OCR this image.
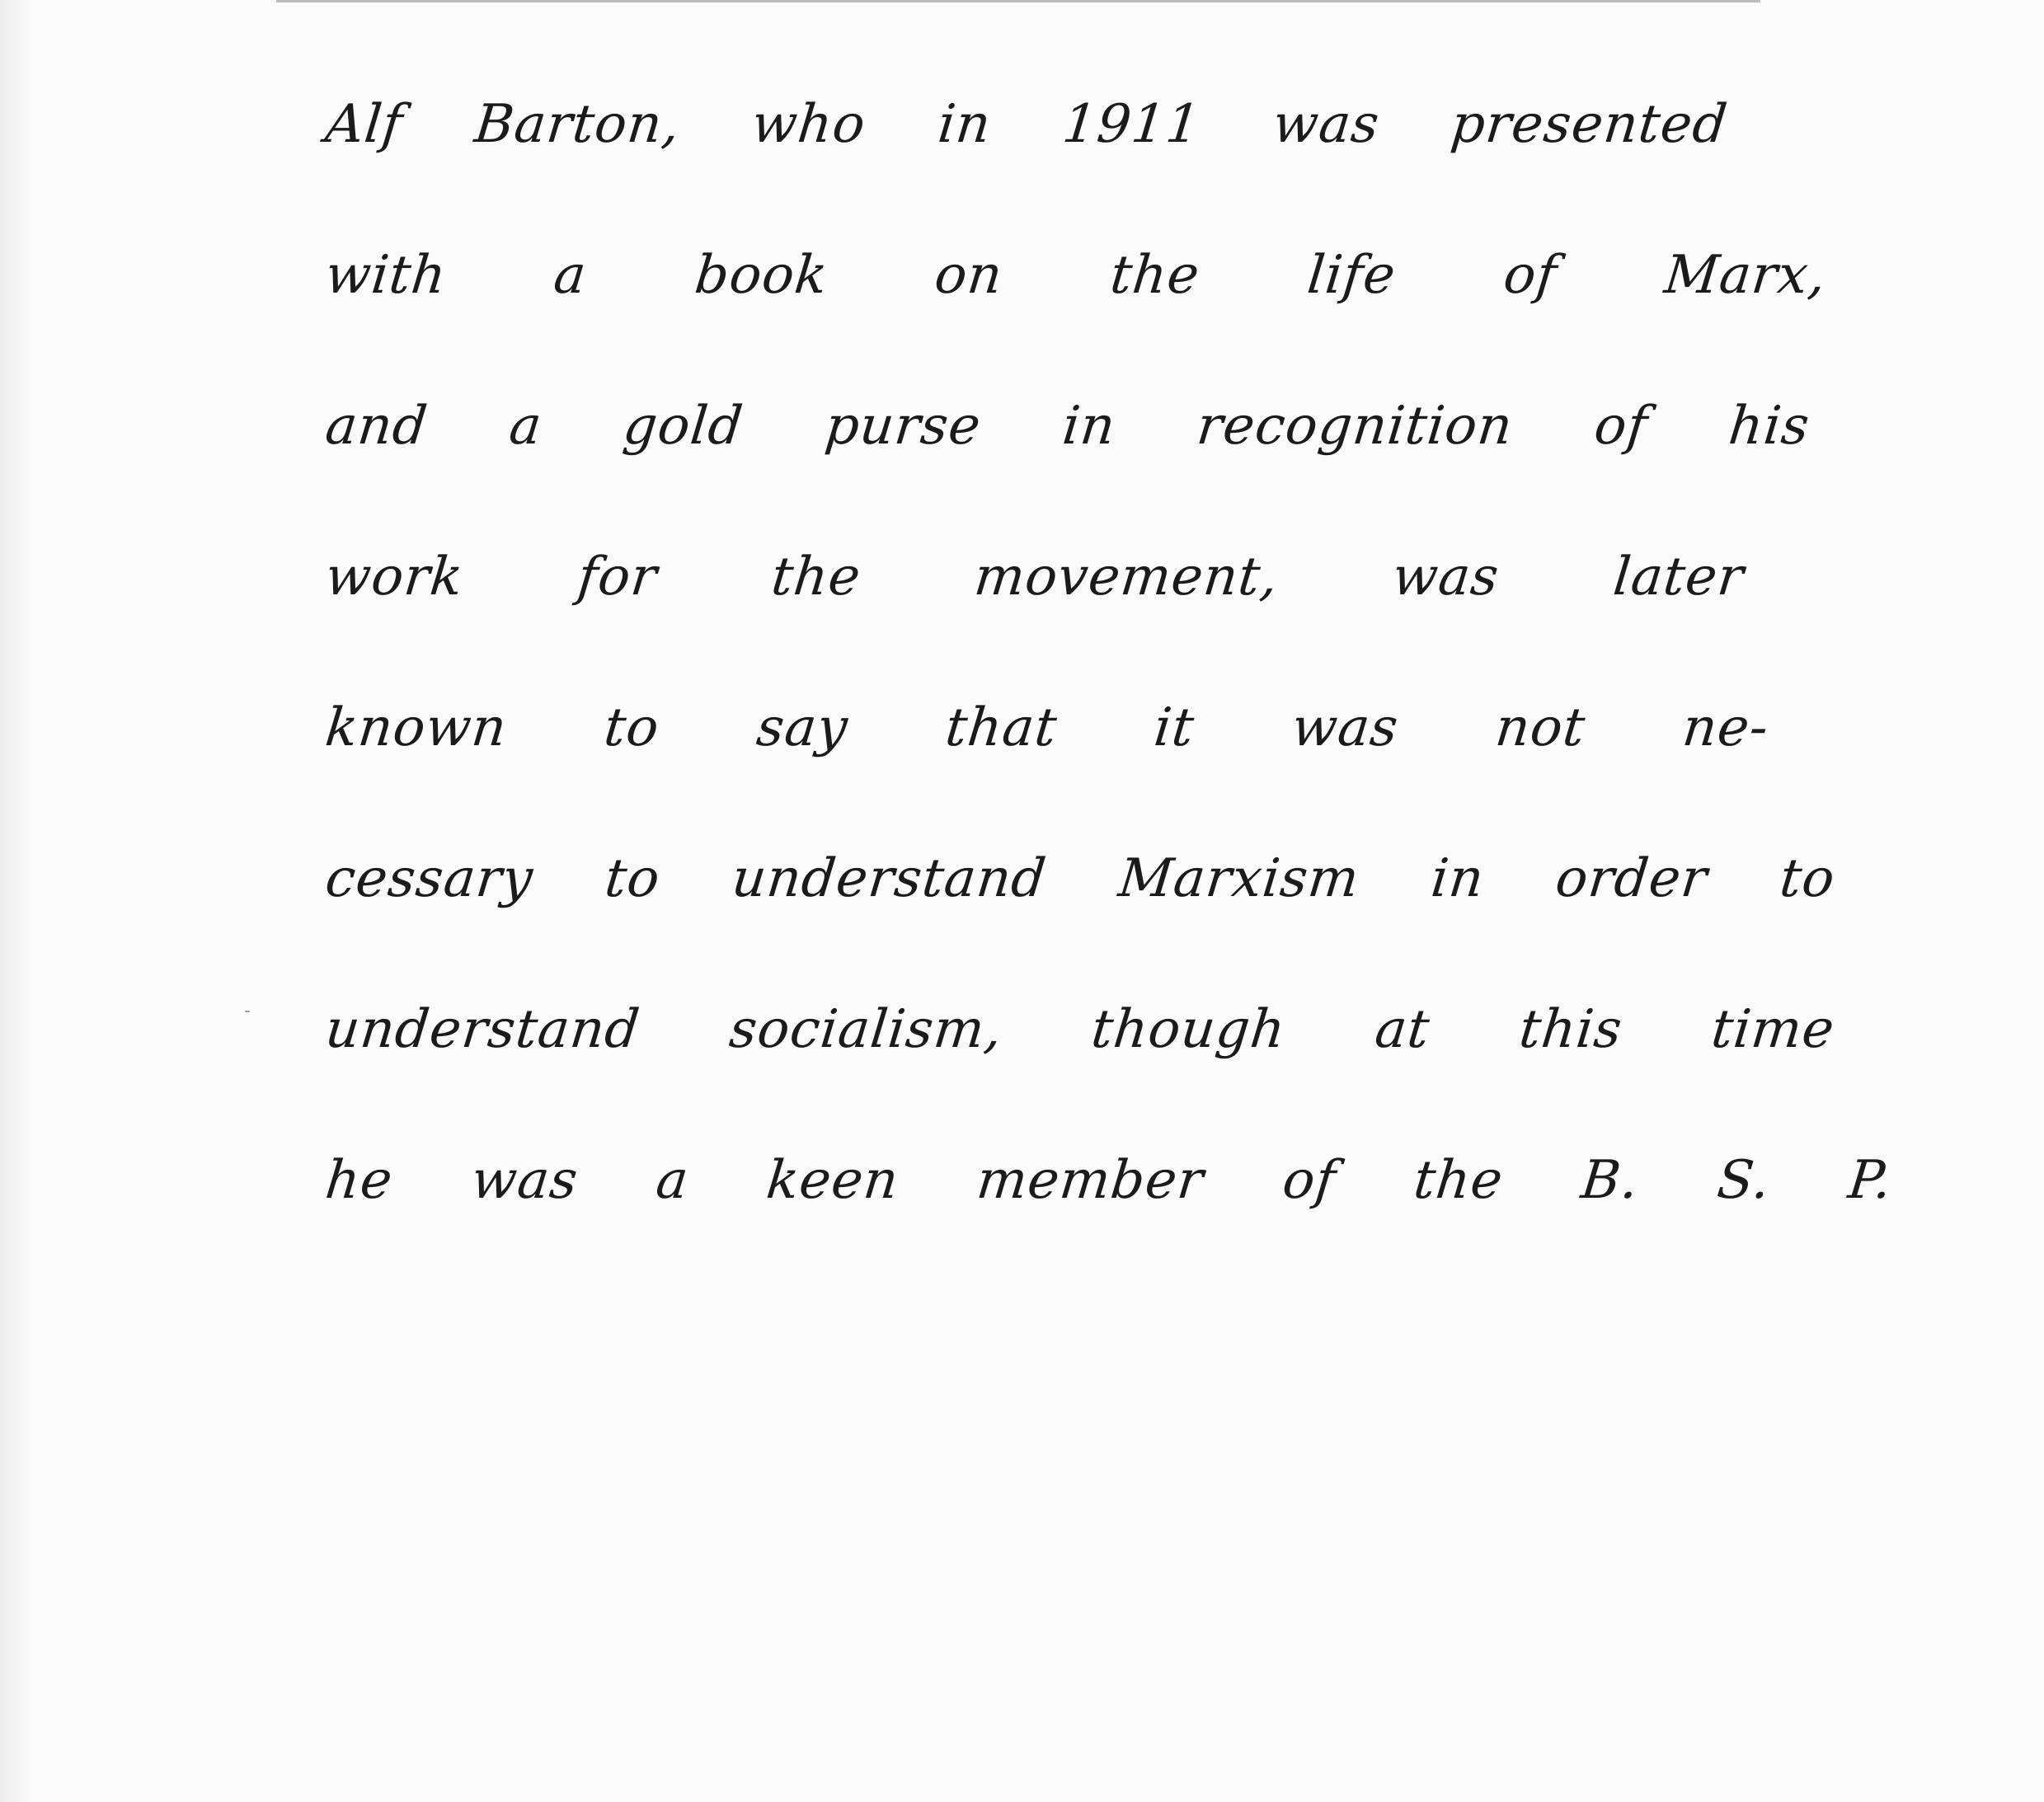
Alf Barton, who in 1911 was presented
with a book on the life of Marx,
and a gold purse in recognition of his
work for the movement, was later
known to say that it was not ne-
cessary to understand Marxism in order to
understand socialism, though at this time
he was a keen member of the B. S. P.
